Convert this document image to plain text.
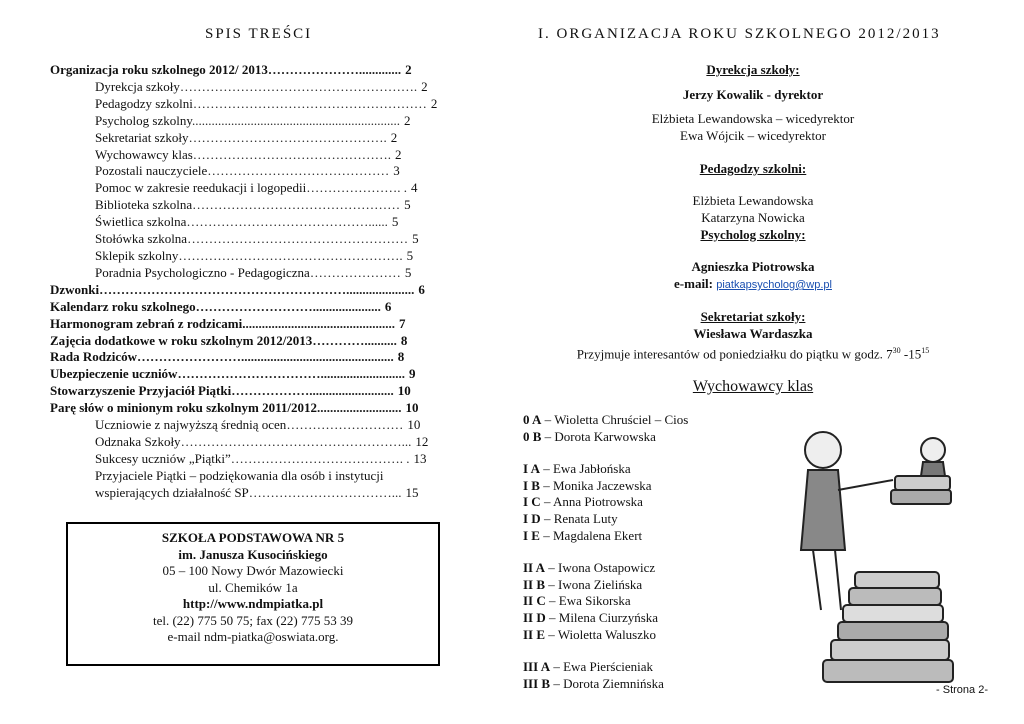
SPIS TREŚCI
Organizacja roku szkolnego 2012/ 2013…………………............. 2
Dyrekcja szkoły………………………………………………. 2
Pedagodzy szkolni……………………………………………… 2
Psycholog szkolny................................................................ 2
Sekretariat szkoły………………………………………. 2
Wychowawcy klas………………………………………. 2
Pozostali nauczyciele…………………………………… 3
Pomoc w zakresie reedukacji i logopedii…………………. . 4
Biblioteka szkolna………………………………………… 5
Świetlica szkolna……………………………………...... 5
Stołówka szkolna…………………………………………… 5
Sklepik szkolny……………………………………………. 5
Poradnia Psychologiczno - Pedagogiczna………………… 5
Dzwonki…………………………………………………..................... 6
Kalendarz roku szkolnego………………………..................... 6
Harmonogram zebrań z rodzicami............................................... 7
Zajęcia dodatkowe w roku szkolnym 2012/2013………….......... 8
Rada Rodziców……………………............................................... 8
Ubezpieczenie uczniów…………………………….......................... 9
Stowarzyszenie Przyjaciół Piątki……………….......................... 10
Parę słów o minionym roku szkolnym 2011/2012.......................... 10
Uczniowie z najwyższą średnią ocen……………………… 10
Odznaka Szkoły……………………………………………... 12
Sukcesy uczniów „Piątki”…………………………………. . 13
Przyjaciele Piątki – podziękowania dla osób i instytucji
wspierających działalność SP……………………………... 15
SZKOŁA PODSTAWOWA NR 5
im. Janusza Kusocińskiego
05 – 100 Nowy Dwór Mazowiecki
ul. Chemików 1a
http://www.ndmpiatka.pl
tel. (22) 775 50 75; fax (22) 775 53 39
e-mail ndm-piatka@oswiata.org.
I. ORGANIZACJA ROKU SZKOLNEGO 2012/2013
Dyrekcja szkoły:
Jerzy Kowalik - dyrektor
Elżbieta Lewandowska – wicedyrektor
Ewa Wójcik – wicedyrektor
Pedagodzy szkolni:
Elżbieta Lewandowska
Katarzyna Nowicka
Psycholog szkolny:
Agnieszka Piotrowska
e-mail: piatkapsycholog@wp.pl
Sekretariat szkoły:
Wiesława Wardaszka
Przyjmuje interesantów od poniedziałku do piątku w godz. $7^{30}$ $-15^{15}$
Wychowawcy klas
0 A – Wioletta Chruściel – Cios
0 B – Dorota Karwowska
I A – Ewa Jabłońska
I B – Monika Jaczewska
I C – Anna Piotrowska
I D – Renata Luty
I E – Magdalena Ekert
II A – Iwona Ostapowicz
II B – Iwona Zielińska
II C – Ewa Sikorska
II D – Milena Ciurzyńska
II E – Wioletta Waluszko
III A – Ewa Pierścieniak
III B – Dorota Ziemnińska	- Strona 2-
